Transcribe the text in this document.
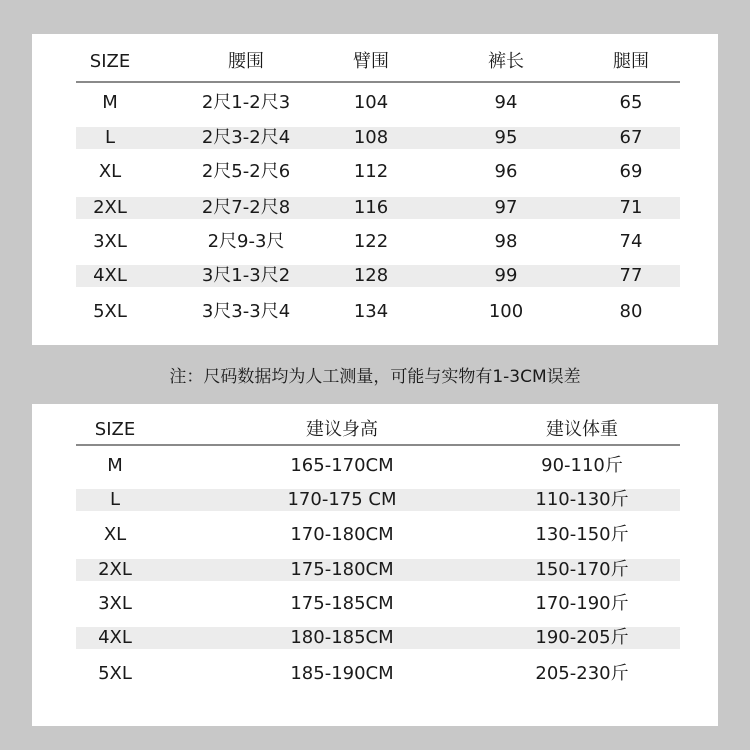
SIZE	腰围	臂围	裤长	腿围
M	2尺1-2尺3	104	94	65
L	2尺3-2尺4	108	95	67
XL	2尺5-2尺6	112	96	69
2XL	2尺7-2尺8	116	97	71
3XL	2尺9-3尺	122	98	74
4XL	3尺1-3尺2	128	99	77
5XL	3尺3-3尺4	134	100	80
注：尺码数据均为人工测量，可能与实物有1-3CM误差
SIZE	建议身高	建议体重
M	165-170CM	90-110斤
L	170-175 CM	110-130斤
XL	170-180CM	130-150斤
2XL	175-180CM	150-170斤
3XL	175-185CM	170-190斤
4XL	180-185CM	190-205斤
5XL	185-190CM	205-230斤
